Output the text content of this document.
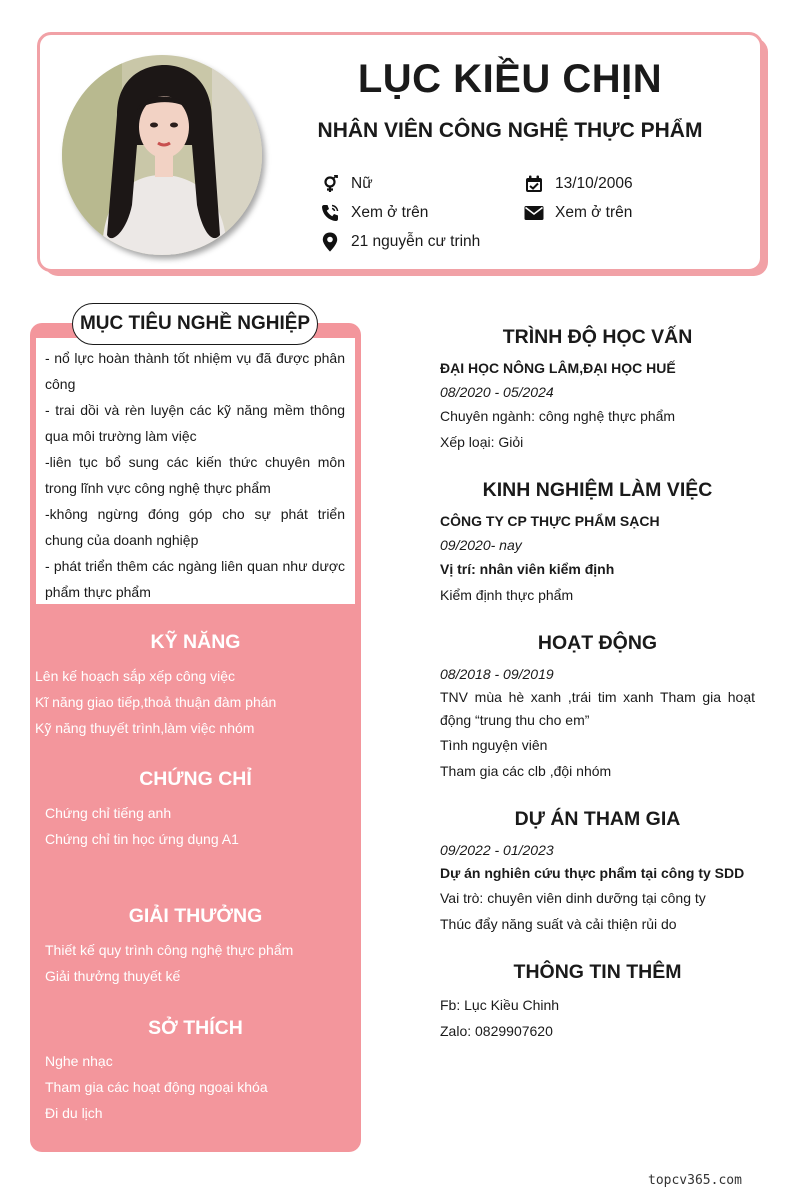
LỤC KIỀU CHỊN
NHÂN VIÊN CÔNG NGHỆ THỰC PHẨM
Nữ	13/10/2006
Xem ở trên	Xem ở trên
21 nguyễn cư trinh
MỤC TIÊU NGHỀ NGHIỆP

- nổ lực hoàn thành tốt nhiệm vụ đã được phân công

- trai dồi và rèn luyện các kỹ năng mềm thông qua môi trường làm việc

-liên tục bổ sung các kiến thức chuyên môn trong lĩnh vực công nghệ thực phẩm

-không ngừng đóng góp cho sự phát triển chung của doanh nghiệp

- phát triển thêm các ngàng liên quan như dược phẩm thực phẩm

KỸ NĂNG
Lên kế hoạch sắp xếp công việc
Kĩ năng giao tiếp,thoả thuận đàm phán
Kỹ năng thuyết trình,làm việc nhóm
CHỨNG CHỈ
Chứng chỉ tiếng anh
Chứng chỉ tin học ứng dụng A1
GIẢI THƯỞNG
Thiết kế quy trình công nghệ thực phẩm
Giải thưởng thuyết kế
SỞ THÍCH
Nghe nhạc
Tham gia các hoạt động ngoại khóa
Đi du lịch
TRÌNH ĐỘ HỌC VẤN
ĐẠI HỌC NÔNG LÂM,ĐẠI HỌC HUẾ
08/2020 - 05/2024
Chuyên ngành: công nghệ thực phẩm
Xếp loại: Giỏi
KINH NGHIỆM LÀM VIỆC
CÔNG TY CP THỰC PHẨM SẠCH
09/2020- nay
Vị trí: nhân viên kiểm định
Kiểm định thực phẩm
HOẠT ĐỘNG
08/2018 - 09/2019
TNV mùa hè xanh ,trái tim xanh Tham gia hoạt động “trung thu cho em”
Tình nguyện viên
Tham gia các clb ,đội nhóm
DỰ ÁN THAM GIA
09/2022 - 01/2023
Dự án nghiên cứu thực phẩm tại công ty SDD
Vai trò: chuyên viên dinh dưỡng tại công ty
Thúc đẩy năng suất và cải thiện rủi do
THÔNG TIN THÊM
Fb: Lục Kiều Chinh
Zalo: 0829907620
topcv365.com
